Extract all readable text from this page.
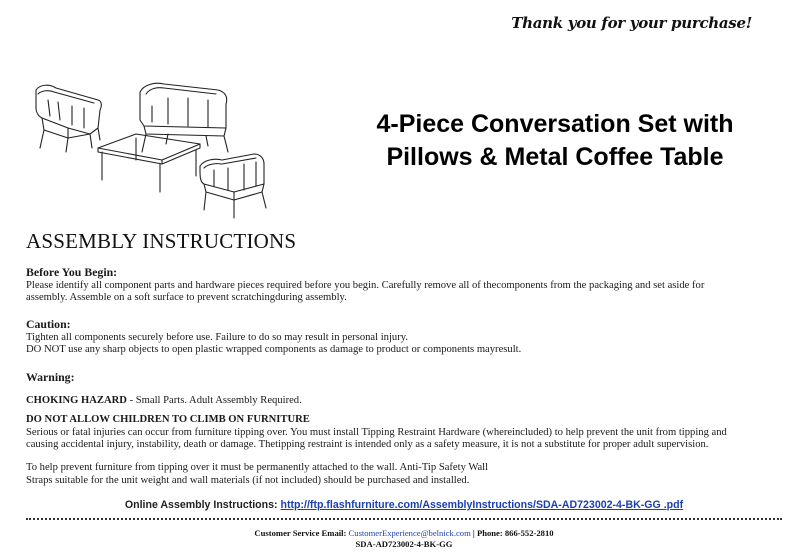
Thank you for your purchase!
4-Piece Conversation Set with
Pillows & Metal Coffee Table
ASSEMBLY INSTRUCTIONS
Before You Begin:

Please identify all component parts and hardware pieces required before you begin. Carefully remove all of thecomponents from the packaging and set aside for

assembly. Assemble on a soft surface to prevent scratchingduring assembly.

Caution:

Tighten all components securely before use. Failure to do so may result in personal injury.

DO NOT use any sharp objects to open plastic wrapped components as damage to product or components mayresult.

Warning:

CHOKING HAZARD - Small Parts. Adult Assembly Required.

DO NOT ALLOW CHILDREN TO CLIMB ON FURNITURE

Serious or fatal injuries can occur from furniture tipping over. You must install Tipping Restraint Hardware (whereincluded) to help prevent the unit from tipping and

causing accidental injury, instability, death or damage. Thetipping restraint is intended only as a safety measure, it is not a substitute for proper adult supervision.

To help prevent furniture from tipping over it must be permanently attached to the wall. Anti-Tip Safety Wall

Straps suitable for the unit weight and wall materials (if not included) should be purchased and installed.

Online Assembly Instructions: http://ftp.flashfurniture.com/AssemblyInstructions/SDA-AD723002-4-BK-GG .pdf
Customer Service Email: CustomerExperience@belnick.com | Phone: 866-552-2810
SDA-AD723002-4-BK-GG
